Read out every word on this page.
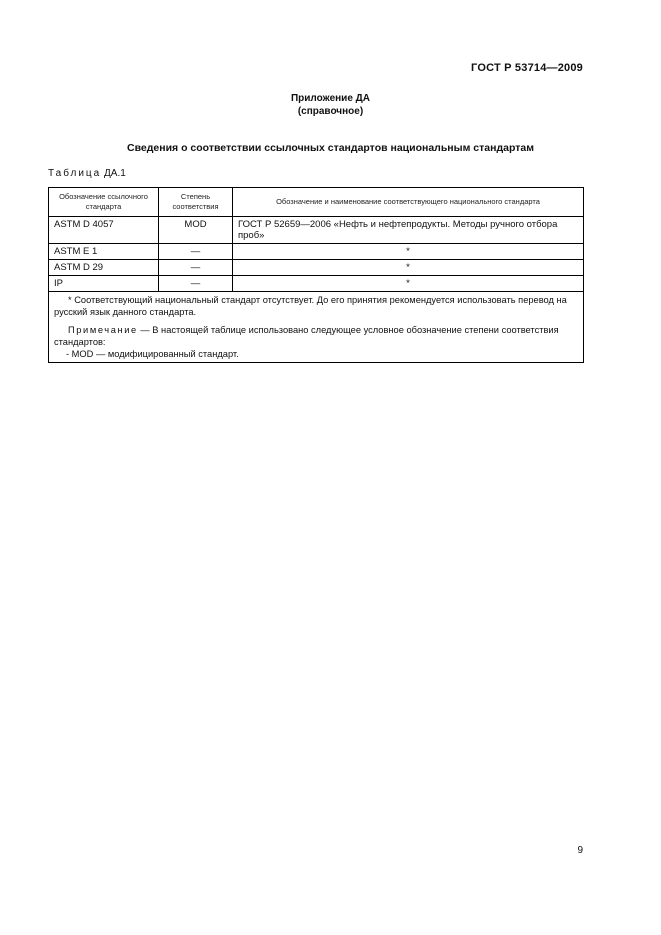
ГОСТ Р 53714—2009
Приложение ДА
(справочное)
Сведения о соответствии ссылочных стандартов национальным стандартам
Таблица ДА.1
Обозначение ссылочного стандарта	Степень соответствия	Обозначение и наименование соответствующего национального стандарта
ASTM D 4057	MOD	ГОСТ Р 52659—2006 «Нефть и нефтепродукты. Методы ручного отбора проб»
ASTM E 1	—	*
ASTM D 29	—	*
IP	—	*

* Соответствующий национальный стандарт отсутствует. До его принятия рекомендуется использовать перевод на русский язык данного стандарта.

Примечание — В настоящей таблице использовано следующее условное обозначение степени соответствия стандартов:

- MOD — модифицированный стандарт.		

9
